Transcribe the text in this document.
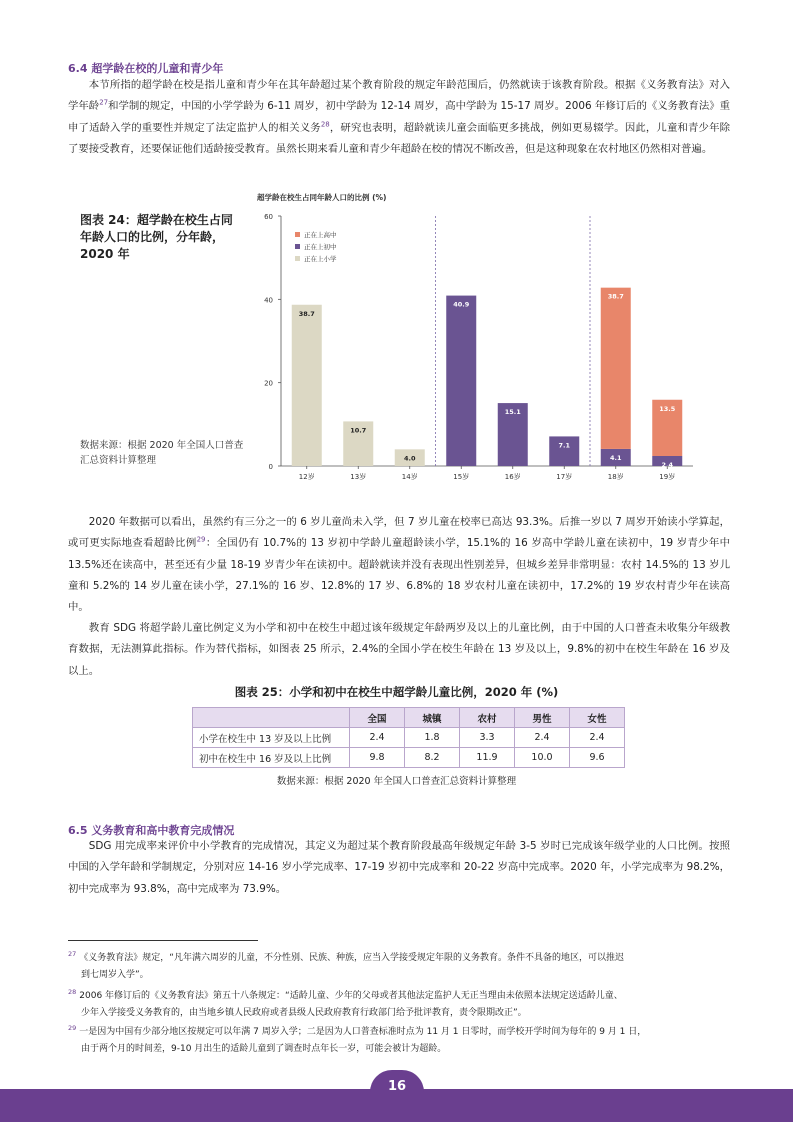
6.4 超学龄在校的儿童和青少年

本节所指的超学龄在校是指儿童和青少年在其年龄超过某个教育阶段的规定年龄范围后，仍然就读于该教育阶段。根据《义务教育法》对入学年龄$^{27}$和学制的规定，中国的小学学龄为 6-11 周岁，初中学龄为 12-14 周岁，高中学龄为 15-17 周岁。2006 年修订后的《义务教育法》重申了适龄入学的重要性并规定了法定监护人的相关义务$^{28}$，研究也表明，超龄就读儿童会面临更多挑战，例如更易辍学。因此，儿童和青少年除了要接受教育，还要保证他们适龄接受教育。虽然长期来看儿童和青少年超龄在校的情况不断改善，但是这种现象在农村地区仍然相对普遍。

图表 24：超学龄在校生占同年龄人口的比例，分年龄，2020 年
数据来源：根据 2020 年全国人口普查汇总资料计算整理
超学龄在校生占同年龄人口的比例 (%)
0
20
40
60
38.7
12岁
10.7
13岁
4.0
14岁
40.9
15岁
15.1
16岁
7.1
17岁
4.1
38.7
18岁
2.4
13.5
19岁
正在上高中
正在上初中
正在上小学
图表 25：小学和初中在校生中超学龄儿童比例，2020 年 (%)

2020 年数据可以看出，虽然约有三分之一的 6 岁儿童尚未入学，但 7 岁儿童在校率已高达 93.3%。后推一岁以 7 周岁开始读小学算起，或可更实际地查看超龄比例$^{29}$：全国仍有 10.7%的 13 岁初中学龄儿童超龄读小学，15.1%的 16 岁高中学龄儿童在读初中，19 岁青少年中 13.5%还在读高中，甚至还有少量 18-19 岁青少年在读初中。超龄就读并没有表现出性别差异，但城乡差异非常明显：农村 14.5%的 13 岁儿童和 5.2%的 14 岁儿童在读小学，27.1%的 16 岁、12.8%的 17 岁、6.8%的 18 岁农村儿童在读初中，17.2%的 19 岁农村青少年在读高中。

教育 SDG 将超学龄儿童比例定义为小学和初中在校生中超过该年级规定年龄两岁及以上的儿童比例，由于中国的人口普查未收集分年级教育数据，无法测算此指标。作为替代指标，如图表 25 所示，2.4%的全国小学在校生年龄在 13 岁及以上，9.8%的初中在校生年龄在 16 岁及以上。

	全国	城镇	农村	男性	女性
小学在校生中 13 岁及以上比例	2.4	1.8	3.3	2.4	2.4
初中在校生中 16 岁及以上比例	9.8	8.2	11.9	10.0	9.6
数据来源：根据 2020 年全国人口普查汇总资料计算整理
6.5 义务教育和高中教育完成情况

SDG 用完成率来评价中小学教育的完成情况，其定义为超过某个教育阶段最高年级规定年龄 3-5 岁时已完成该年级学业的人口比例。按照中国的入学年龄和学制规定，分别对应 14-16 岁小学完成率、17-19 岁初中完成率和 20-22 岁高中完成率。2020 年，小学完成率为 98.2%，初中完成率为 93.8%，高中完成率为 73.9%。

$^{27}$ 《义务教育法》规定，“凡年满六周岁的儿童，不分性别、民族、种族，应当入学接受规定年限的义务教育。条件不具备的地区，可以推迟
到七周岁入学”。

$^{28}$ 2006 年修订后的《义务教育法》第五十八条规定：“适龄儿童、少年的父母或者其他法定监护人无正当理由未依照本法规定送适龄儿童、
少年入学接受义务教育的，由当地乡镇人民政府或者县级人民政府教育行政部门给予批评教育，责令限期改正”。

$^{29}$ 一是因为中国有少部分地区按规定可以年满 7 周岁入学；二是因为人口普查标准时点为 11 月 1 日零时，而学校开学时间为每年的 9 月 1 日，
由于两个月的时间差，9-10 月出生的适龄儿童到了调查时点年长一岁，可能会被计为超龄。

16
